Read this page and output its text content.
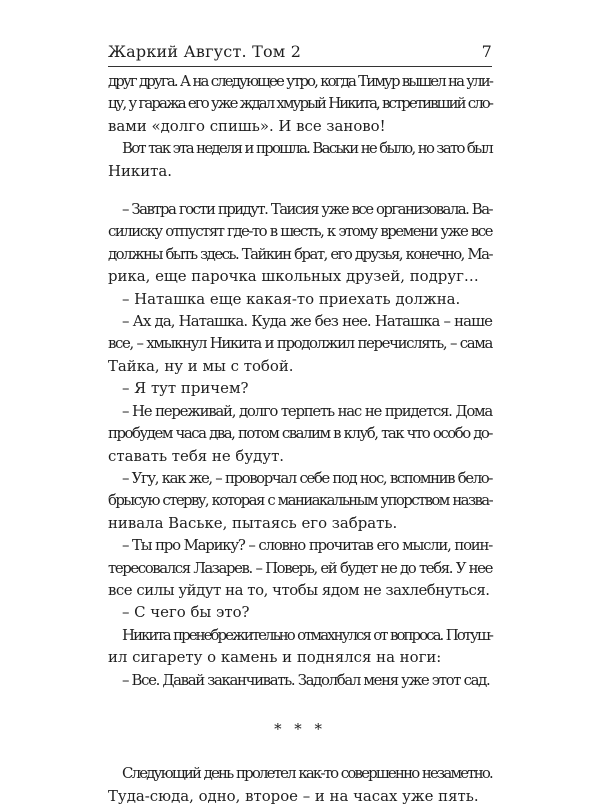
Жаркий Август. Том 2	7
друг друга. А на следующее утро, когда Тимур вышел на ули-
цу, у гаража его уже ждал хмурый Никита, встретивший сло-
вами «долго спишь». И все заново!
Вот так эта неделя и прошла. Васьки не было, но зато был
Никита.
– Завтра гости придут. Таисия уже все организовала. Ва-
силиску отпустят где-то в шесть, к этому времени уже все
должны быть здесь. Тайкин брат, его друзья, конечно, Ма-
рика, еще парочка школьных друзей, подруг…
– Наташка еще какая-то приехать должна.
– Ах да, Наташка. Куда же без нее. Наташка – наше
все, – хмыкнул Никита и продолжил перечислять, – сама
Тайка, ну и мы с тобой.
– Я тут причем?
– Не переживай, долго терпеть нас не придется. Дома
пробудем часа два, потом свалим в клуб, так что особо до-
ставать тебя не будут.
– Угу, как же, – проворчал себе под нос, вспомнив бело-
брысую стерву, которая с маниакальным упорством назва-
нивала Ваське, пытаясь его забрать.
– Ты про Марику? – словно прочитав его мысли, поин-
тересовался Лазарев. – Поверь, ей будет не до тебя. У нее
все силы уйдут на то, чтобы ядом не захлебнуться.
– С чего бы это?
Никита пренебрежительно отмахнулся от вопроса. Потуш-
ил сигарету о камень и поднялся на ноги:
– Все. Давай заканчивать. Задолбал меня уже этот сад.
* * *
Следующий день пролетел как-то совершенно незаметно.
Туда-сюда, одно, второе – и на часах уже пять.
